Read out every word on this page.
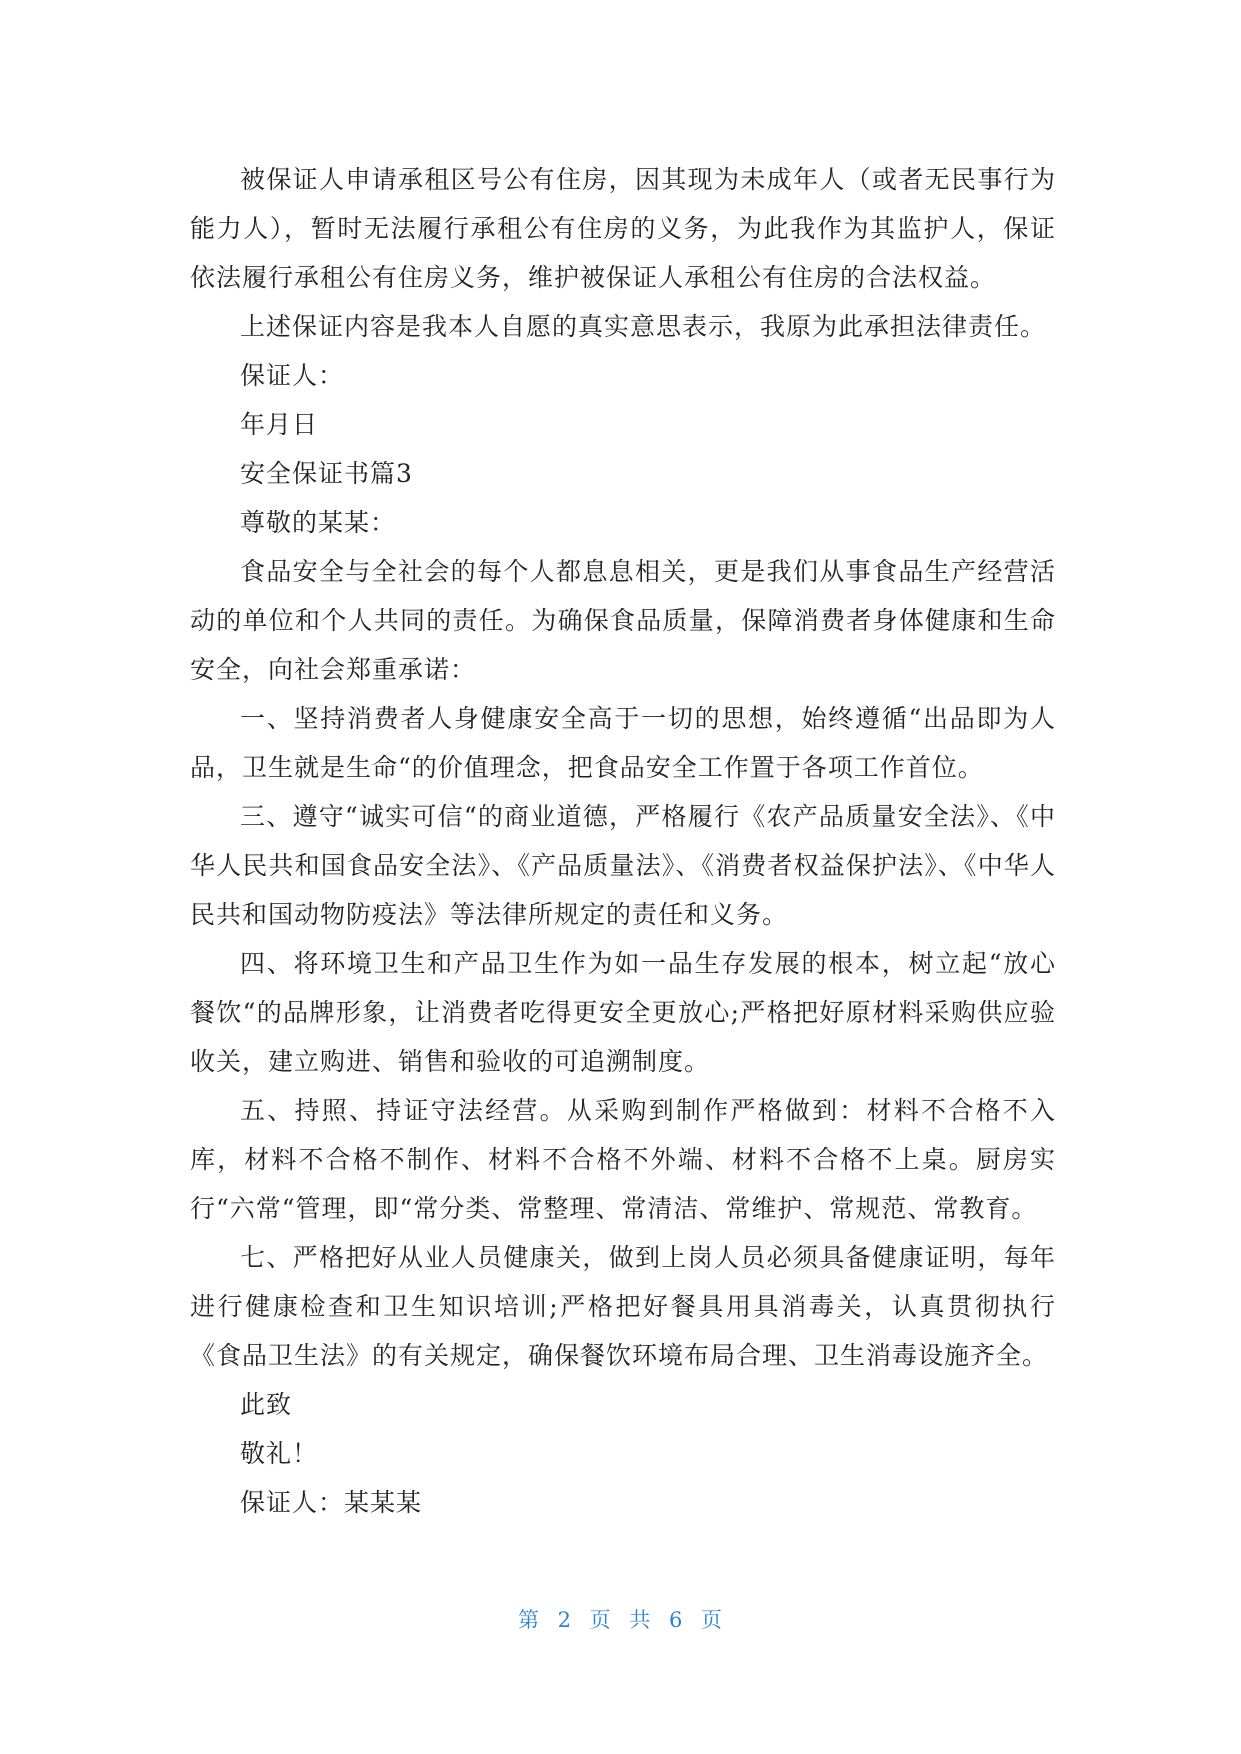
被保证人申请承租区号公有住房，因其现为未成年人（或者无民事行为能力人），暂时无法履行承租公有住房的义务，为此我作为其监护人，保证依法履行承租公有住房义务，维护被保证人承租公有住房的合法权益。

上述保证内容是我本人自愿的真实意思表示，我原为此承担法律责任。

保证人：

年月日

安全保证书篇3

尊敬的某某：

食品安全与全社会的每个人都息息相关，更是我们从事食品生产经营活动的单位和个人共同的责任。为确保食品质量，保障消费者身体健康和生命安全，向社会郑重承诺：

一、坚持消费者人身健康安全高于一切的思想，始终遵循“出品即为人品，卫生就是生命“的价值理念，把食品安全工作置于各项工作首位。

三、遵守“诚实可信“的商业道德，严格履行《农产品质量安全法》、《中华人民共和国食品安全法》、《产品质量法》、《消费者权益保护法》、《中华人民共和国动物防疫法》等法律所规定的责任和义务。

四、将环境卫生和产品卫生作为如一品生存发展的根本，树立起“放心餐饮“的品牌形象，让消费者吃得更安全更放心;严格把好原材料采购供应验收关，建立购进、销售和验收的可追溯制度。

五、持照、持证守法经营。从采购到制作严格做到：材料不合格不入库，材料不合格不制作、材料不合格不外端、材料不合格不上桌。厨房实行“六常“管理，即“常分类、常整理、常清洁、常维护、常规范、常教育。

七、严格把好从业人员健康关，做到上岗人员必须具备健康证明，每年进行健康检查和卫生知识培训;严格把好餐具用具消毒关，认真贯彻执行《食品卫生法》的有关规定，确保餐饮环境布局合理、卫生消毒设施齐全。

此致

敬礼！

保证人：某某某

第 2 页 共 6 页
